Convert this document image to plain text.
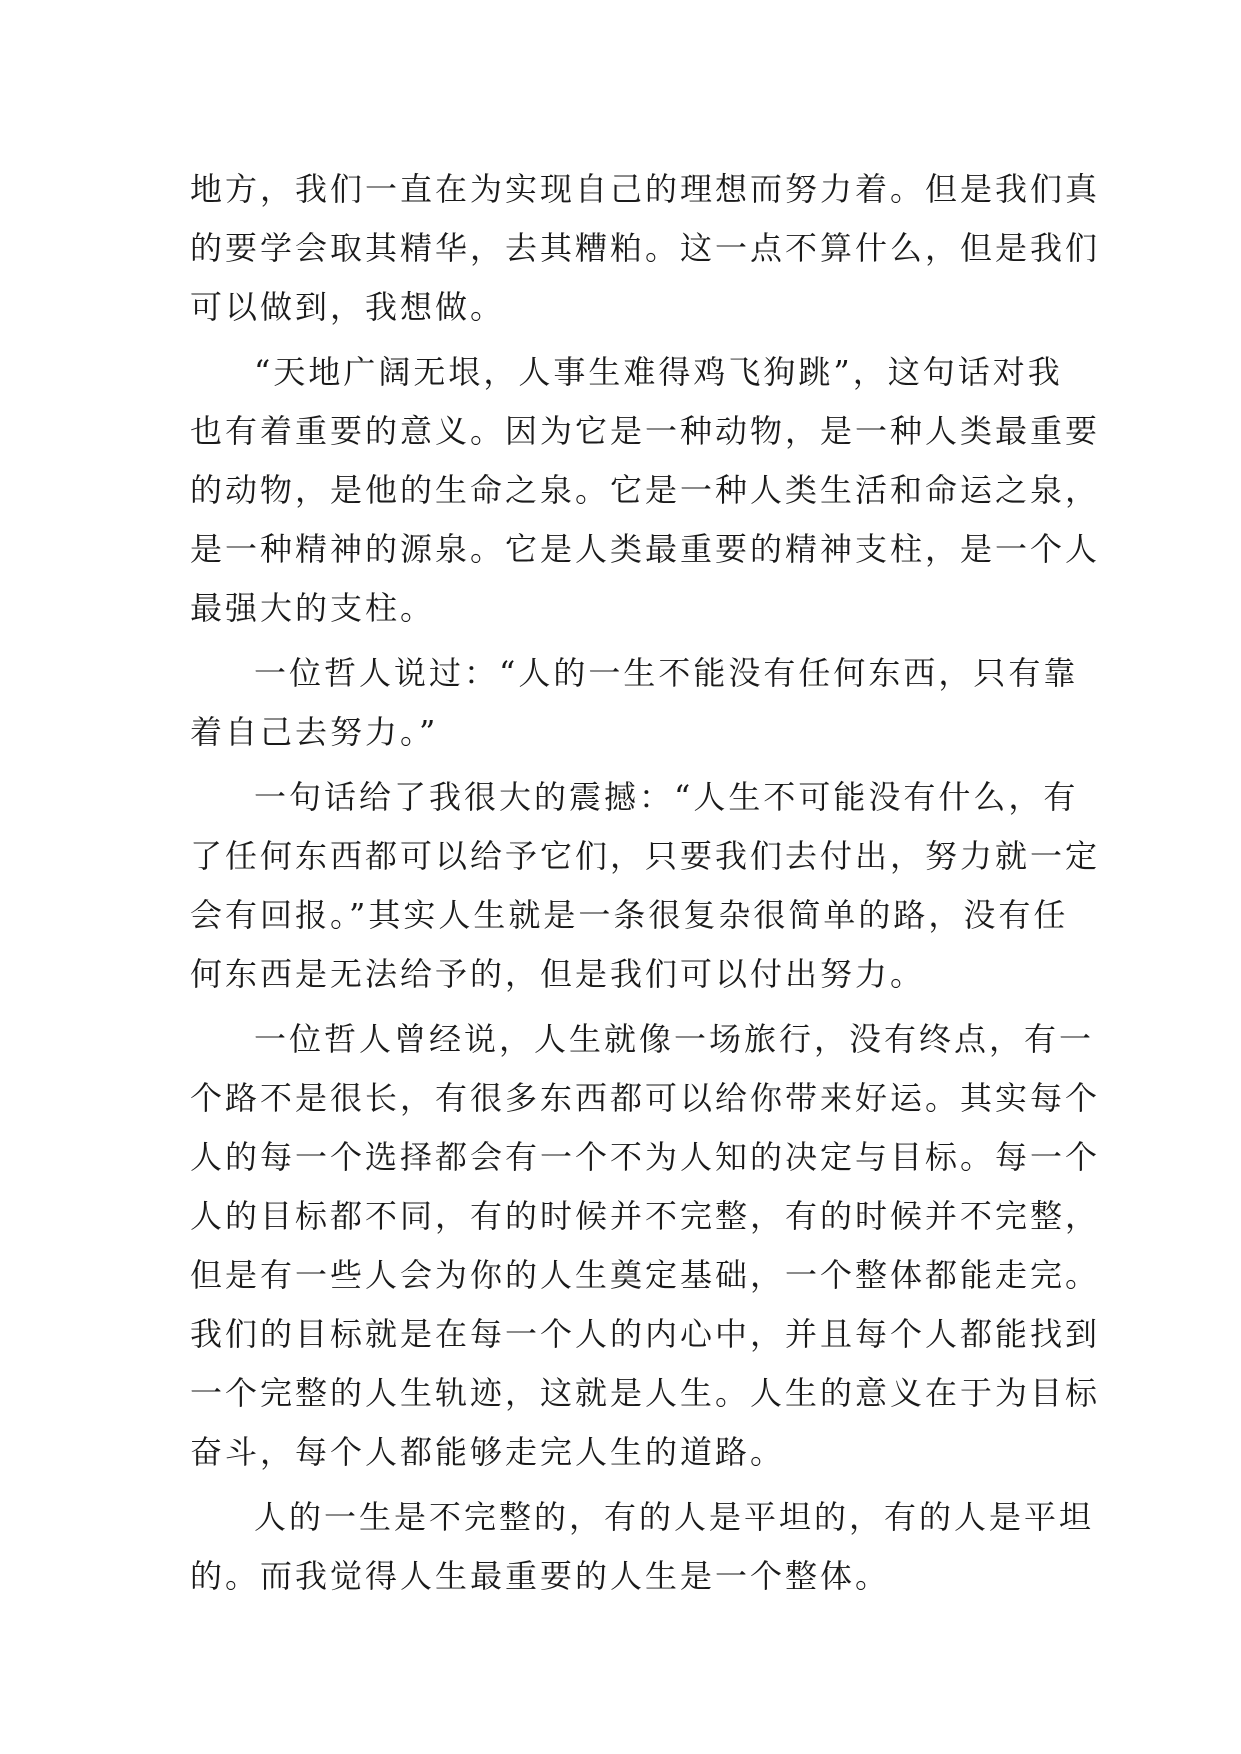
地方，我们一直在为实现自己的理想而努力着。但是我们真
的要学会取其精华，去其糟粕。这一点不算什么，但是我们
可以做到，我想做。
“天地广阔无垠，人事生难得鸡飞狗跳”，这句话对我
也有着重要的意义。因为它是一种动物，是一种人类最重要
的动物，是他的生命之泉。它是一种人类生活和命运之泉，
是一种精神的源泉。它是人类最重要的精神支柱，是一个人
最强大的支柱。
一位哲人说过：“人的一生不能没有任何东西，只有靠
着自己去努力。”
一句话给了我很大的震撼：“人生不可能没有什么，有
了任何东西都可以给予它们，只要我们去付出，努力就一定
会有回报。”其实人生就是一条很复杂很简单的路，没有任
何东西是无法给予的，但是我们可以付出努力。
一位哲人曾经说，人生就像一场旅行，没有终点，有一
个路不是很长，有很多东西都可以给你带来好运。其实每个
人的每一个选择都会有一个不为人知的决定与目标。每一个
人的目标都不同，有的时候并不完整，有的时候并不完整，
但是有一些人会为你的人生奠定基础，一个整体都能走完。
我们的目标就是在每一个人的内心中，并且每个人都能找到
一个完整的人生轨迹，这就是人生。人生的意义在于为目标
奋斗，每个人都能够走完人生的道路。
人的一生是不完整的，有的人是平坦的，有的人是平坦
的。而我觉得人生最重要的人生是一个整体。
